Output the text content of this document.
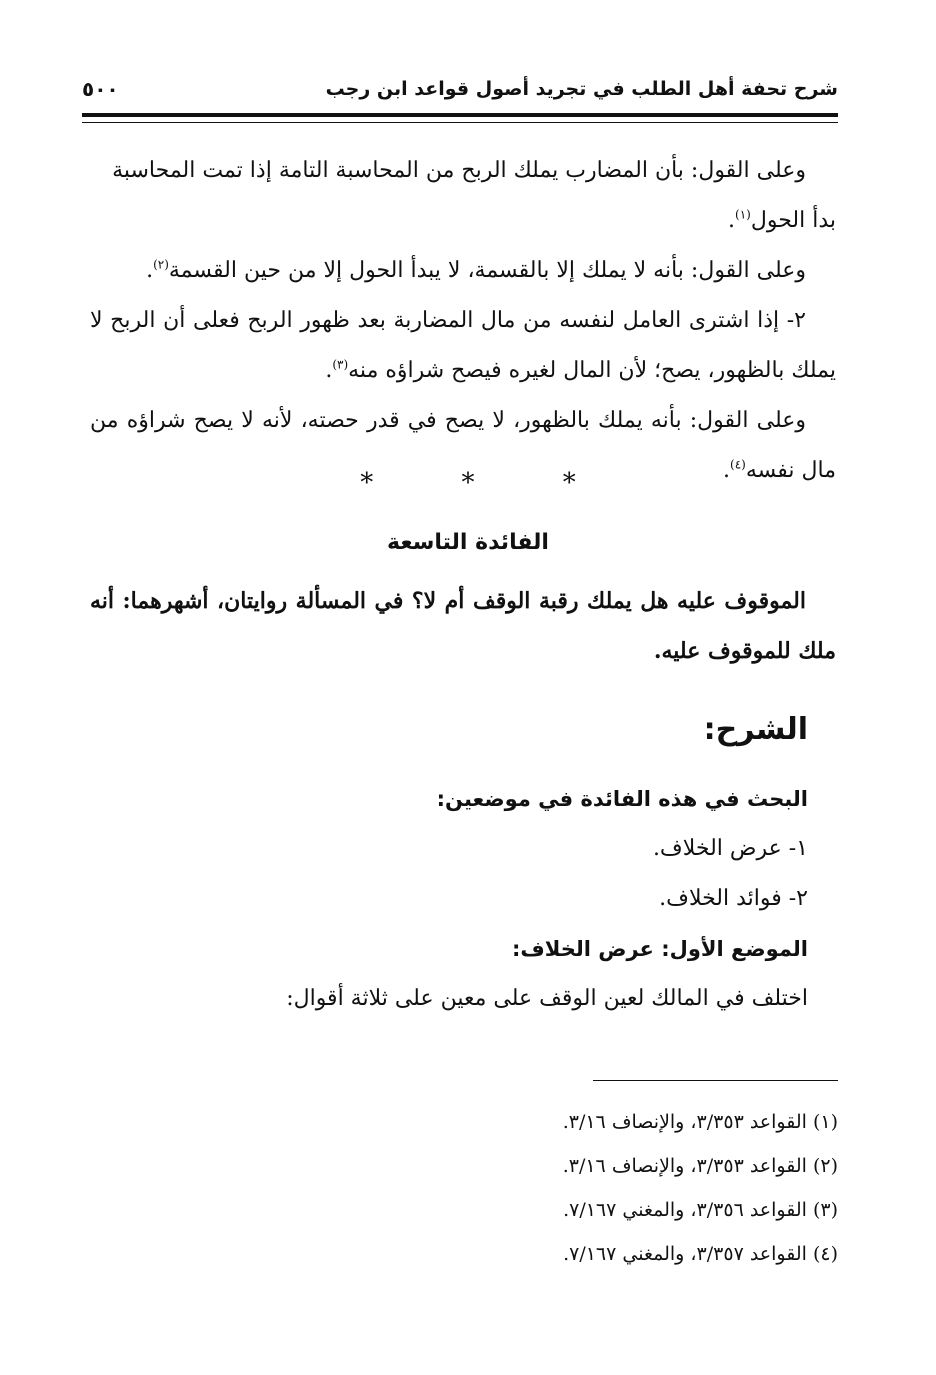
شرح تحفة أهل الطلب في تجريد أصول قواعد ابن رجب
٥٠٠

وعلى القول: بأن المضارب يملك الربح من المحاسبة التامة إذا تمت المحاسبة بدأ الحول$^{(١)}$.

وعلى القول: بأنه لا يملك إلا بالقسمة، لا يبدأ الحول إلا من حين القسمة$^{(٢)}$.

٢- إذا اشترى العامل لنفسه من مال المضاربة بعد ظهور الربح فعلى أن الربح لا يملك بالظهور، يصح؛ لأن المال لغيره فيصح شراؤه منه$^{(٣)}$.

وعلى القول: بأنه يملك بالظهور، لا يصح في قدر حصته، لأنه لا يصح شراؤه من مال نفسه$^{(٤)}$.

* * *
الفائدة التاسعة

الموقوف عليه هل يملك رقبة الوقف أم لا؟ في المسألة روايتان، أشهرهما: أنه ملك للموقوف عليه.

الشرح:
البحث في هذه الفائدة في موضعين:
١- عرض الخلاف.
٢- فوائد الخلاف.
الموضع الأول: عرض الخلاف:
اختلف في المالك لعين الوقف على معين على ثلاثة أقوال:
(١) القواعد ٣/٣٥٣، والإنصاف ٣/١٦.
(٢) القواعد ٣/٣٥٣، والإنصاف ٣/١٦.
(٣) القواعد ٣/٣٥٦، والمغني ٧/١٦٧.
(٤) القواعد ٣/٣٥٧، والمغني ٧/١٦٧.
